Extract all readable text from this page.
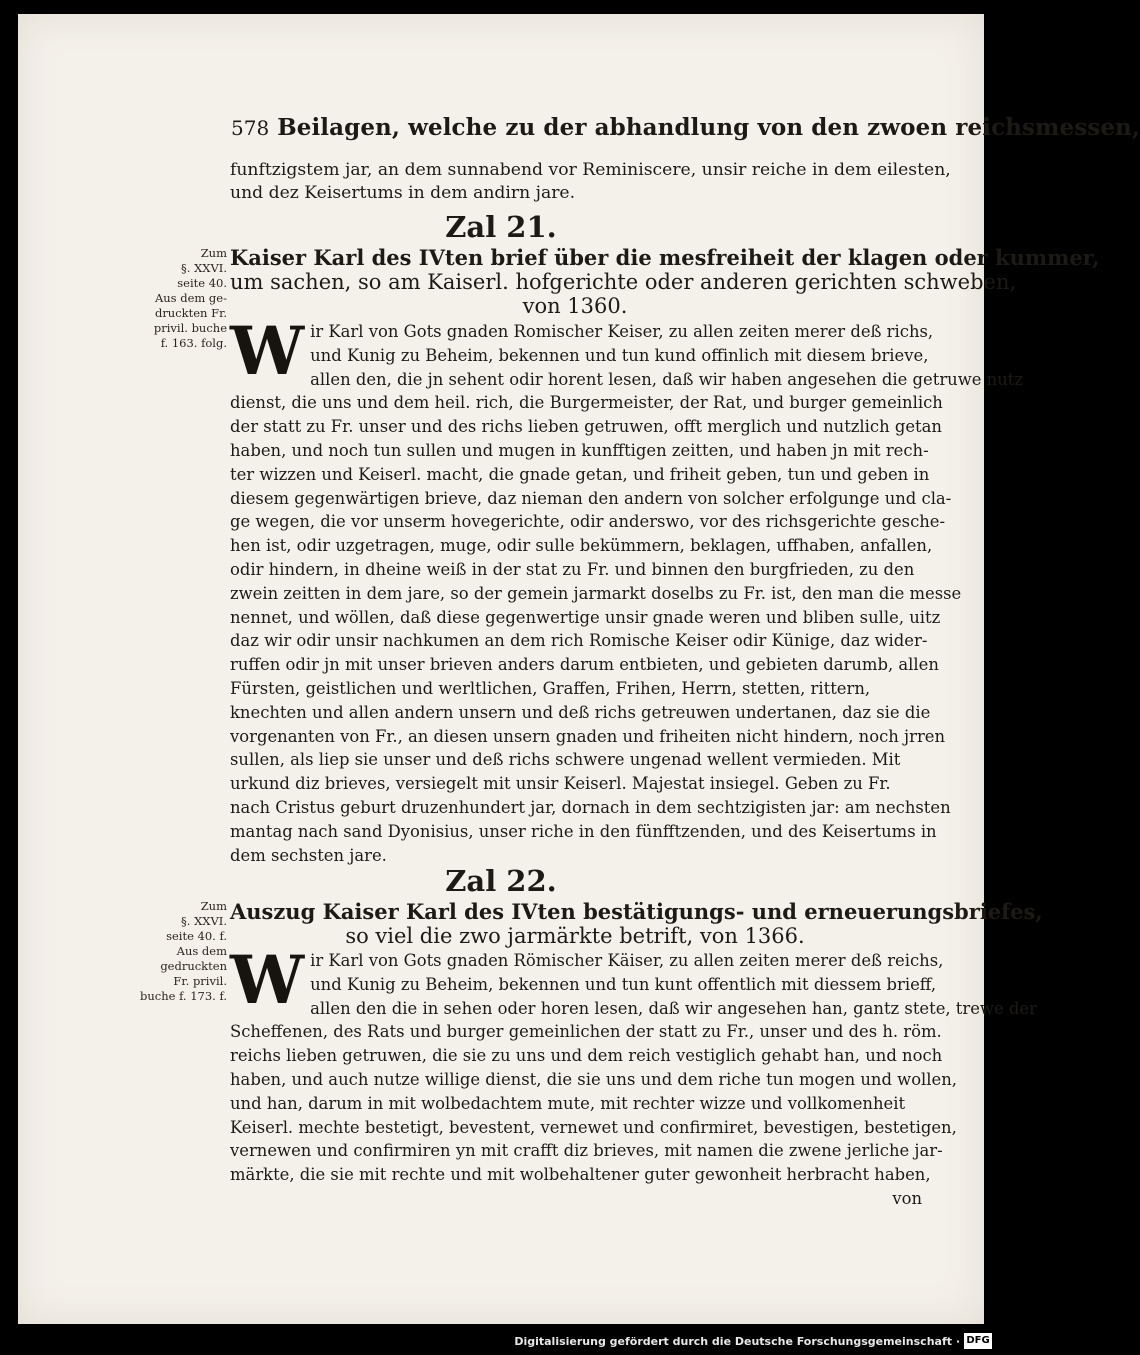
578 Beilagen, welche zu der abhandlung von den zwoen reichsmessen,
funftzigstem jar, an dem sunnabend vor Reminiscere, unsir reiche in dem eilesten,
und dez Keisertums in dem andirn jare.
Zal 21.
Zum
§. XXVI.
seite 40.
Aus dem ge-
druckten Fr.
privil. buche
f. 163. folg.
Kaiser Karl des IVten brief über die mesfreiheit der klagen oder kummer,
um sachen, so am Kaiserl. hofgerichte oder anderen gerichten schweben,
von 1360.
W ir Karl von Gots gnaden Romischer Keiser, zu allen zeiten merer deß richs,
und Kunig zu Beheim, bekennen und tun kund offinlich mit diesem brieve,
allen den, die jn sehent odir horent lesen, daß wir haben angesehen die getruwe nutz
dienst, die uns und dem heil. rich, die Burgermeister, der Rat, und burger gemeinlich
der statt zu Fr. unser und des richs lieben getruwen, offt merglich und nutzlich getan
haben, und noch tun sullen und mugen in kunfftigen zeitten, und haben jn mit rech-
ter wizzen und Keiserl. macht, die gnade getan, und friheit geben, tun und geben in
diesem gegenwärtigen brieve, daz nieman den andern von solcher erfolgunge und cla-
ge wegen, die vor unserm hovegerichte, odir anderswo, vor des richsgerichte gesche-
hen ist, odir uzgetragen, muge, odir sulle bekümmern, beklagen, uffhaben, anfallen,
odir hindern, in dheine weiß in der stat zu Fr. und binnen den burgfrieden, zu den
zwein zeitten in dem jare, so der gemein jarmarkt doselbs zu Fr. ist, den man die messe
nennet, und wöllen, daß diese gegenwertige unsir gnade weren und bliben sulle, uitz
daz wir odir unsir nachkumen an dem rich Romische Keiser odir Künige, daz wider-
ruffen odir jn mit unser brieven anders darum entbieten, und gebieten darumb, allen
Fürsten, geistlichen und werltlichen, Graffen, Frihen, Herrn, stetten, rittern,
knechten und allen andern unsern und deß richs getreuwen undertanen, daz sie die
vorgenanten von Fr., an diesen unsern gnaden und friheiten nicht hindern, noch jrren
sullen, als liep sie unser und deß richs schwere ungenad wellent vermieden. Mit
urkund diz brieves, versiegelt mit unsir Keiserl. Majestat insiegel. Geben zu Fr.
nach Cristus geburt druzenhundert jar, dornach in dem sechtzigisten jar: am nechsten
mantag nach sand Dyonisius, unser riche in den fünfftzenden, und des Keisertums in
dem sechsten jare.
Zal 22.
Zum
§. XXVI.
seite 40. f.
Aus dem
gedruckten
Fr. privil.
buche f. 173. f.
Auszug Kaiser Karl des IVten bestätigungs- und erneuerungsbriefes,
so viel die zwo jarmärkte betrift, von 1366.
W ir Karl von Gots gnaden Römischer Käiser, zu allen zeiten merer deß reichs,
und Kunig zu Beheim, bekennen und tun kunt offentlich mit diessem brieff,
allen den die in sehen oder horen lesen, daß wir angesehen han, gantz stete, trewe der
Scheffenen, des Rats und burger gemeinlichen der statt zu Fr., unser und des h. röm.
reichs lieben getruwen, die sie zu uns und dem reich vestiglich gehabt han, und noch
haben, und auch nutze willige dienst, die sie uns und dem riche tun mogen und wollen,
und han, darum in mit wolbedachtem mute, mit rechter wizze und vollkomenheit
Keiserl. mechte bestetigt, bevestent, vernewet und confirmiret, bevestigen, bestetigen,
vernewen und confirmiren yn mit crafft diz brieves, mit namen die zwene jerliche jar-
märkte, die sie mit rechte und mit wolbehaltener guter gewonheit herbracht haben,
von
Digitalisierung gefördert durch die Deutsche Forschungsgemeinschaft · DFG
